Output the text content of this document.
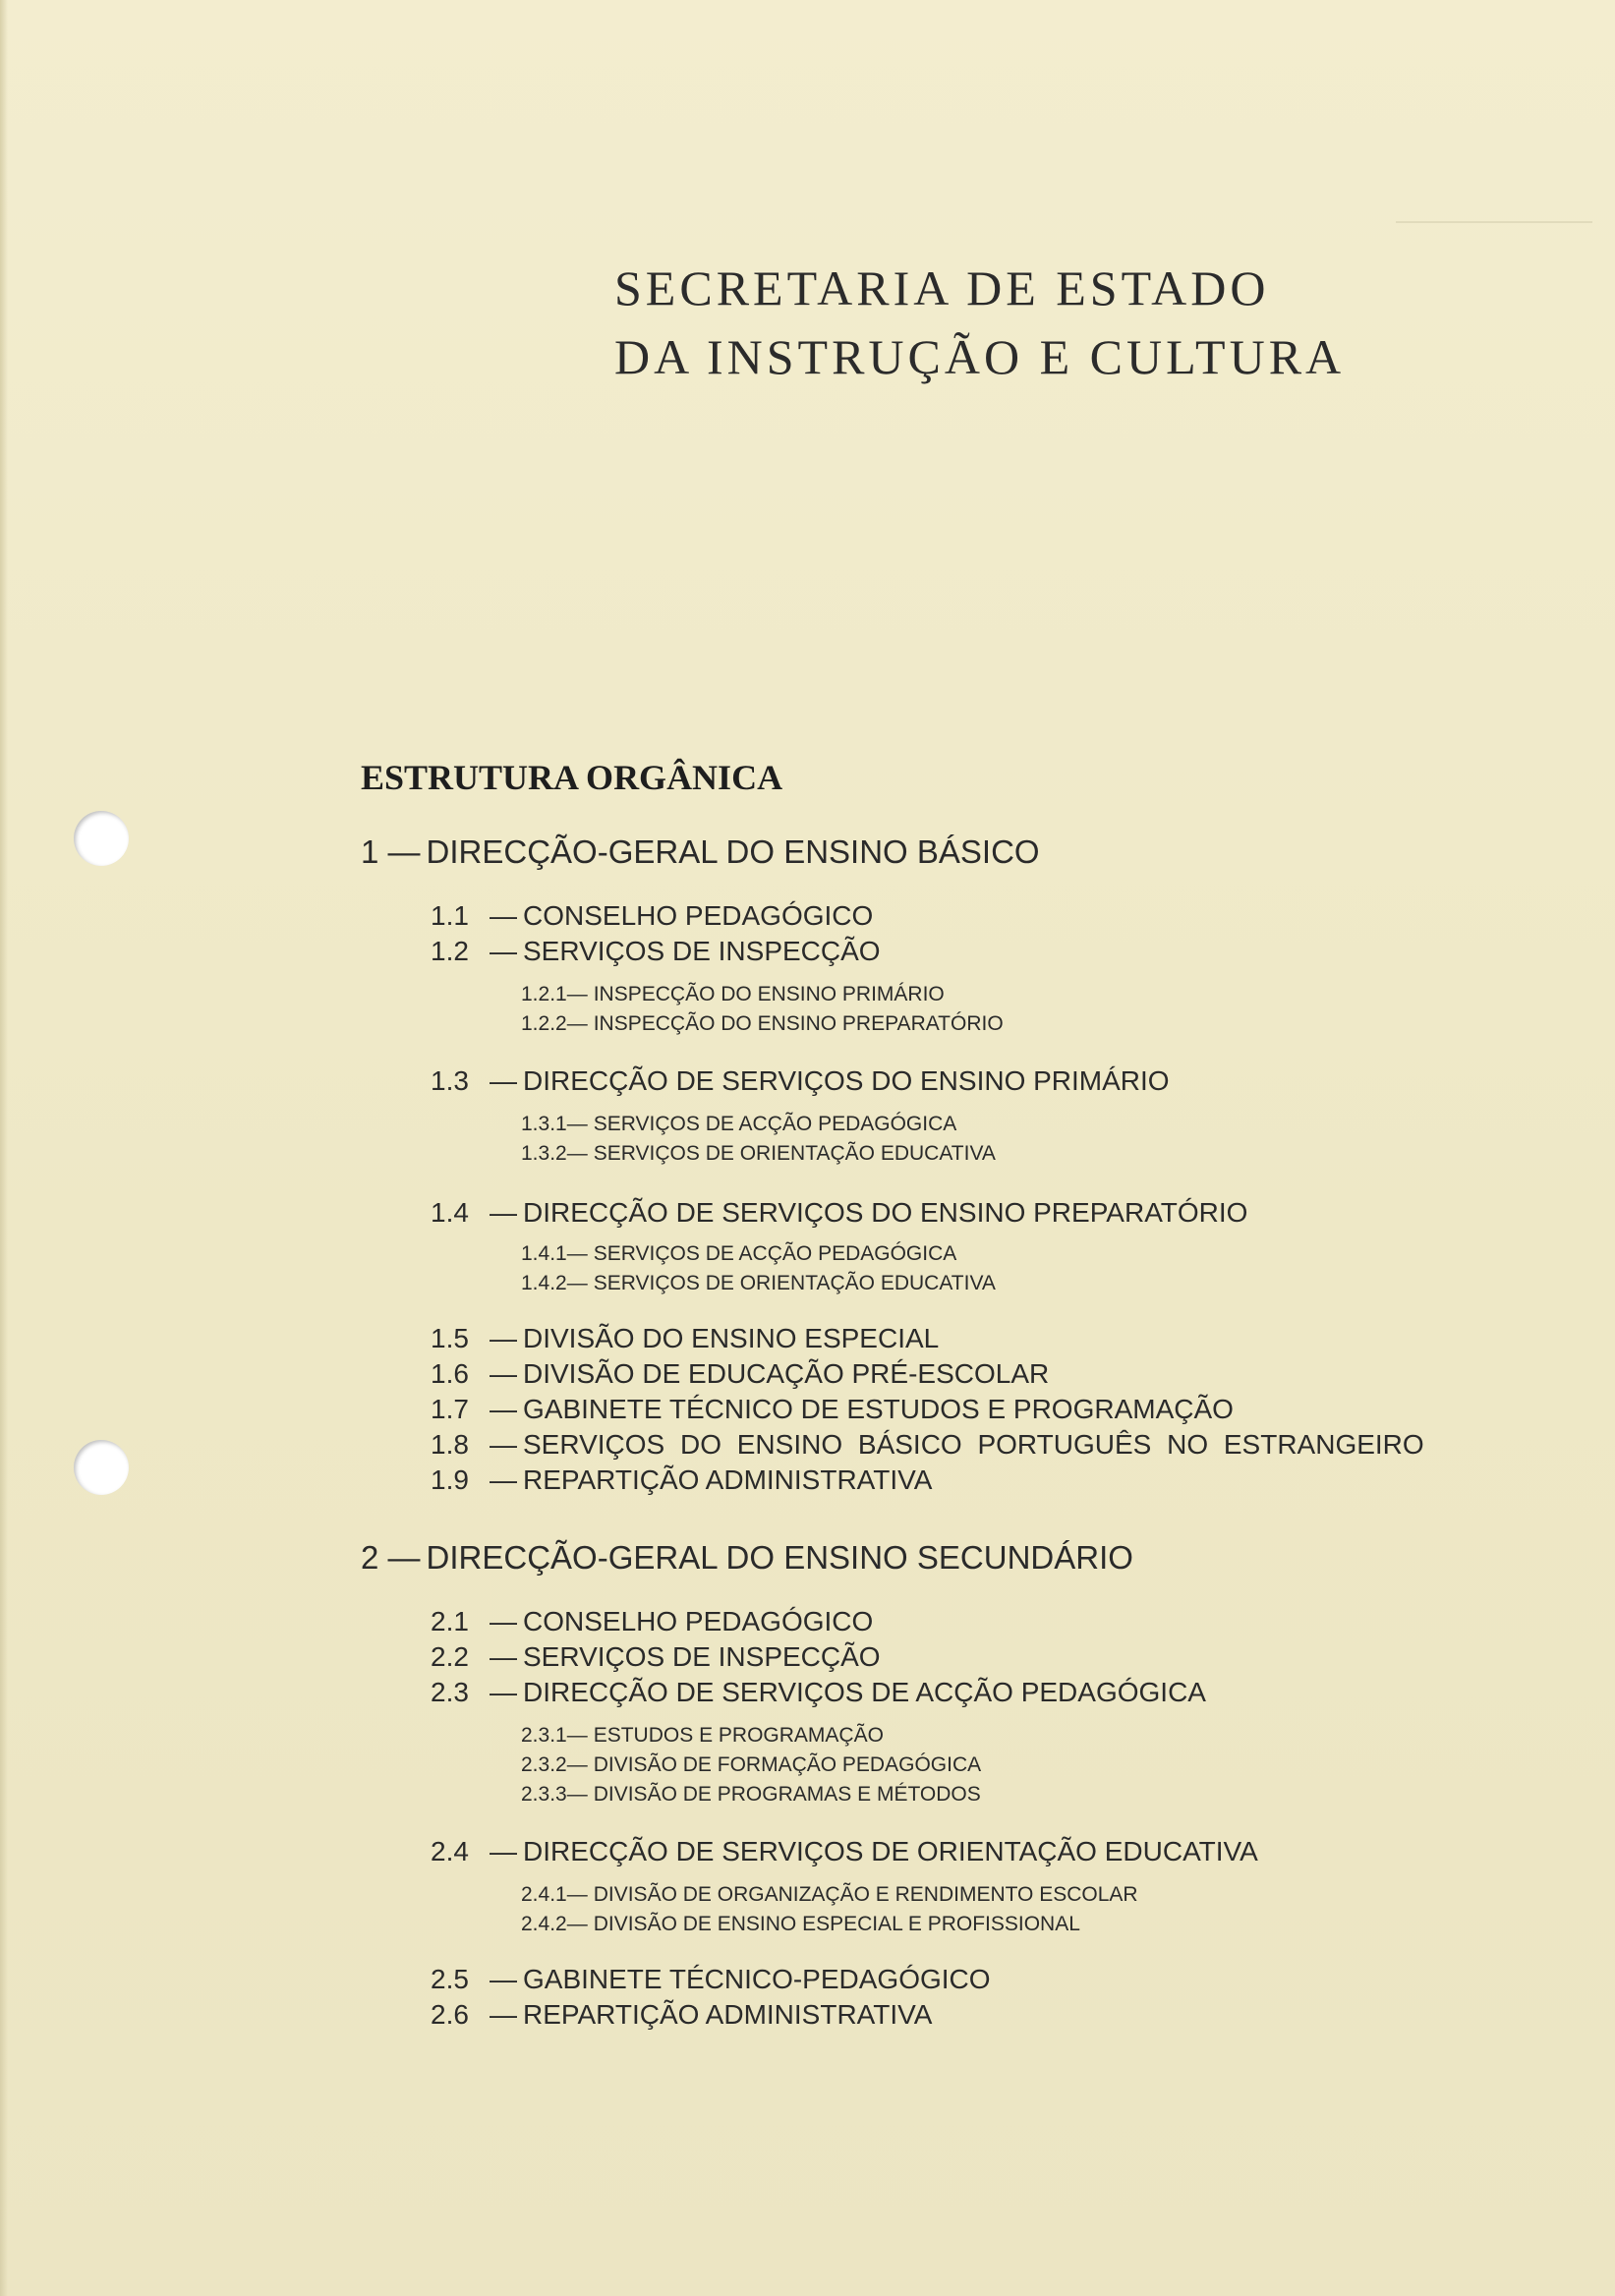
SECRETARIA DE ESTADO
DA INSTRUÇÃO E CULTURA
ESTRUTURA ORGÂNICA
1 — DIRECÇÃO-GERAL DO ENSINO BÁSICO
1.1 — CONSELHO PEDAGÓGICO
1.2 — SERVIÇOS DE INSPECÇÃO
1.2.1— INSPECÇÃO DO ENSINO PRIMÁRIO
1.2.2— INSPECÇÃO DO ENSINO PREPARATÓRIO
1.3 — DIRECÇÃO DE SERVIÇOS DO ENSINO PRIMÁRIO
1.3.1— SERVIÇOS DE ACÇÃO PEDAGÓGICA
1.3.2— SERVIÇOS DE ORIENTAÇÃO EDUCATIVA
1.4 — DIRECÇÃO DE SERVIÇOS DO ENSINO PREPARATÓRIO
1.4.1— SERVIÇOS DE ACÇÃO PEDAGÓGICA
1.4.2— SERVIÇOS DE ORIENTAÇÃO EDUCATIVA
1.5 — DIVISÃO DO ENSINO ESPECIAL
1.6 — DIVISÃO DE EDUCAÇÃO PRÉ-ESCOLAR
1.7 — GABINETE TÉCNICO DE ESTUDOS E PROGRAMAÇÃO
1.8 — SERVIÇOS DO ENSINO BÁSICO PORTUGUÊS NO ESTRANGEIRO
1.9 — REPARTIÇÃO ADMINISTRATIVA
2 — DIRECÇÃO-GERAL DO ENSINO SECUNDÁRIO
2.1 — CONSELHO PEDAGÓGICO
2.2 — SERVIÇOS DE INSPECÇÃO
2.3 — DIRECÇÃO DE SERVIÇOS DE ACÇÃO PEDAGÓGICA
2.3.1— ESTUDOS E PROGRAMAÇÃO
2.3.2— DIVISÃO DE FORMAÇÃO PEDAGÓGICA
2.3.3— DIVISÃO DE PROGRAMAS E MÉTODOS
2.4 — DIRECÇÃO DE SERVIÇOS DE ORIENTAÇÃO EDUCATIVA
2.4.1— DIVISÃO DE ORGANIZAÇÃO E RENDIMENTO ESCOLAR
2.4.2— DIVISÃO DE ENSINO ESPECIAL E PROFISSIONAL
2.5 — GABINETE TÉCNICO-PEDAGÓGICO
2.6 — REPARTIÇÃO ADMINISTRATIVA
